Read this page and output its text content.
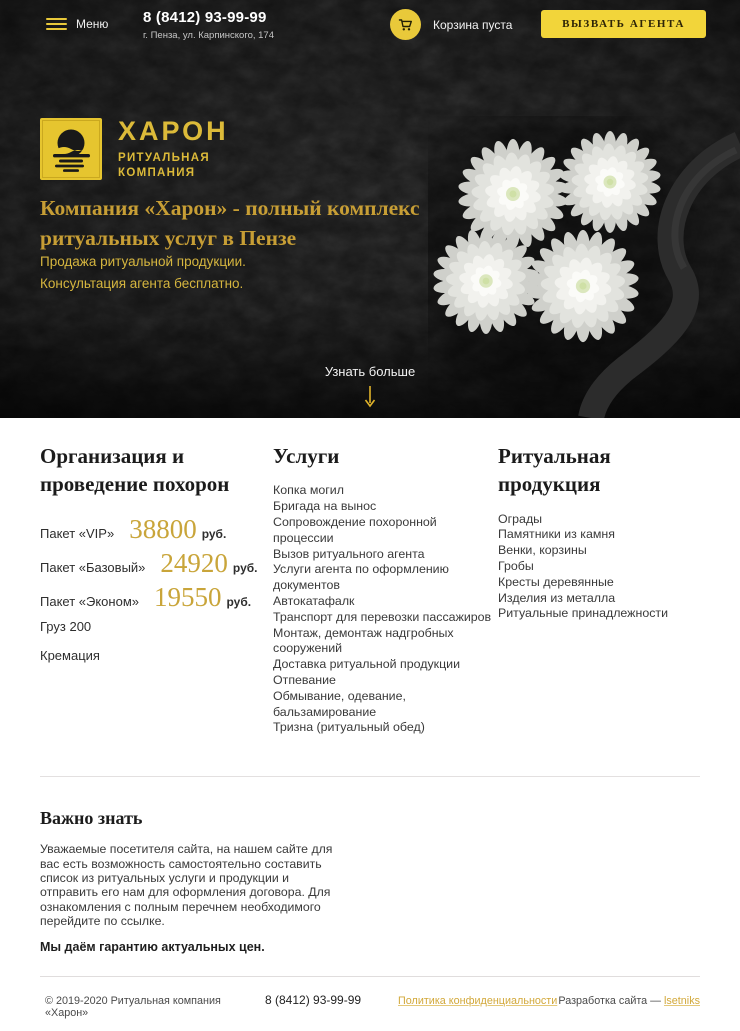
Меню 8 (8412) 93-99-99
г. Пенза, ул. Карпинского, 174
Корзина пуста	ВЫЗВАТЬ АГЕНТА
ХАРОН
РИТУАЛЬНАЯ
КОМПАНИЯ
Компания «Харон» - полный комплекс ритуальных услуг в Пензе
Продажа ритуальной продукции.
Консультация агента бесплатно.
Узнать больше
Организация и проведение похорон
Пакет «VIP» 38800 руб.
Пакет «Базовый» 24920 руб.
Пакет «Эконом» 19550 руб.
Груз 200
Кремация
Услуги
Копка могил
Бригада на вынос
Сопровождение похоронной процессии
Вызов ритуального агента
Услуги агента по оформлению документов
Автокатафалк
Транспорт для перевозки пассажиров
Монтаж, демонтаж надгробных сооружений
Доставка ритуальной продукции
Отпевание
Обмывание, одевание, бальзамирование
Тризна (ритуальный обед)
Ритуальная продукция
Ограды
Памятники из камня
Венки, корзины
Гробы
Кресты деревянные
Изделия из металла
Ритуальные принадлежности
Важно знать

Уважаемые посетителя сайта, на нашем сайте для вас есть возможность самостоятельно составить список из ритуальных услуги и продукции и отправить его нам для оформления договора. Для ознакомления с полным перечнем необходимого перейдите по ссылке.

Мы даём гарантию актуальных цен.

© 2019-2020 Ритуальная компания «Харон»
8 (8412) 93-99-99	Политика конфиденциальности Разработка сайта — lsetniks
